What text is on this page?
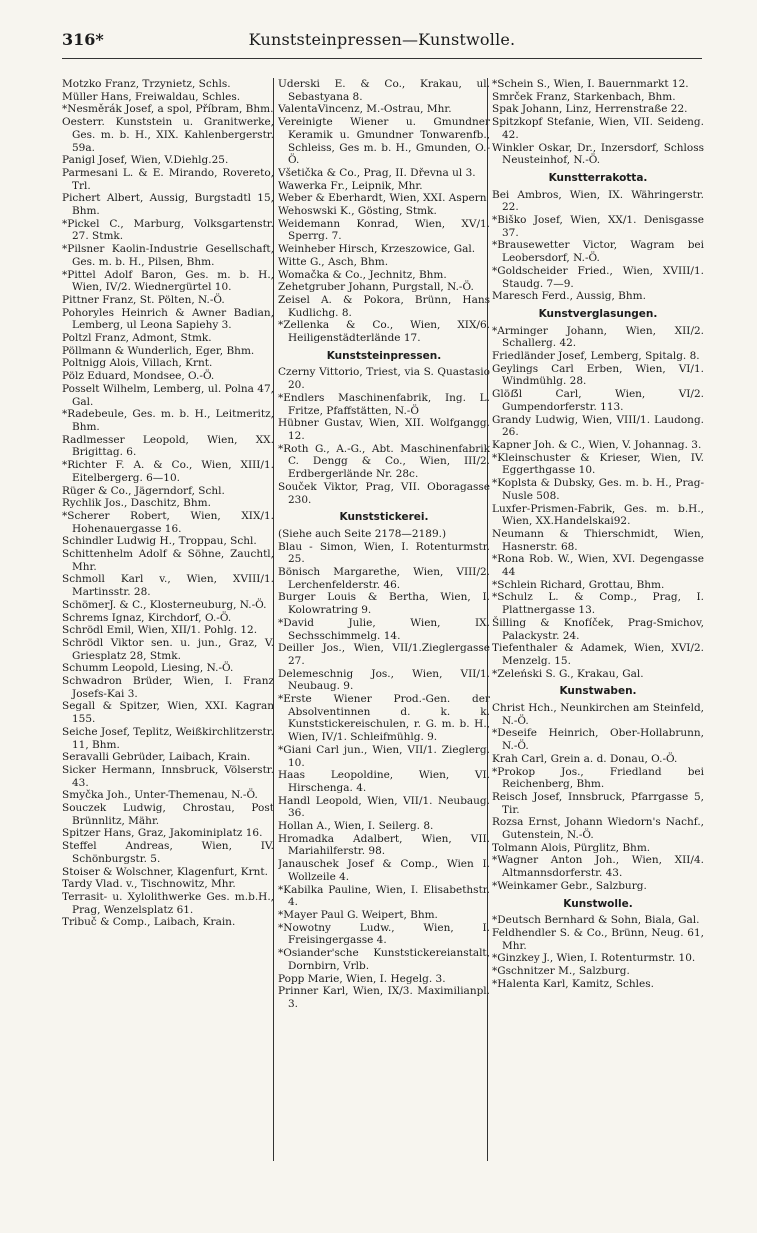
316*	Kunststeinpressen—Kunstwolle.

Motzko Franz, Trzynietz, Schls.

Müller Hans, Freiwaldau, Schles.

*Nesměrák Josef, a spol, Příbram, Bhm.

Oesterr. Kunststein u. Granitwerke, Ges. m. b. H., XIX. Kahlenbergerstr. 59a.

Panigl Josef, Wien, V.Diehlg.25.

Parmesani L. & E. Mirando, Rovereto, Trl.

Pichert Albert, Aussig, Burgstadtl 15, Bhm.

*Pickel C., Marburg, Volksgartenstr. 27. Stmk.

*Pilsner Kaolin-Industrie Gesellschaft, Ges. m. b. H., Pilsen, Bhm.

*Pittel Adolf Baron, Ges. m. b. H., Wien, IV/2. Wiednergürtel 10.

Pittner Franz, St. Pölten, N.-Ö.

Pohoryles Heinrich & Awner Badian, Lemberg, ul Leona Sapiehy 3.

Poltzl Franz, Admont, Stmk.

Pöllmann & Wunderlich, Eger, Bhm.

Poltnigg Alois, Villach, Krnt.

Pölz Eduard, Mondsee, O.-Ö.

Posselt Wilhelm, Lemberg, ul. Polna 47, Gal.

*Radebeule, Ges. m. b. H., Leitmeritz, Bhm.

Radlmesser Leopold, Wien, XX. Brigittag. 6.

*Richter F. A. & Co., Wien, XIII/1. Eitelbergerg. 6—10.

Rüger & Co., Jägerndorf, Schl.

Rychlik Jos., Daschitz, Bhm.

*Scherer Robert, Wien, XIX/1. Hohenauergasse 16.

Schindler Ludwig H., Troppau, Schl.

Schittenhelm Adolf & Söhne, Zauchtl, Mhr.

Schmoll Karl v., Wien, XVIII/1. Martinsstr. 28.

SchömerJ. & C., Klosterneuburg, N.-Ö.

Schrems Ignaz, Kirchdorf, O.-Ö.

Schrödl Emil, Wien, XII/1. Pohlg. 12.

Schrödl Viktor sen. u. jun., Graz, V. Griesplatz 28, Stmk.

Schumm Leopold, Liesing, N.-Ö.

Schwadron Brüder, Wien, I. Franz Josefs-Kai 3.

Segall & Spitzer, Wien, XXI. Kagran 155.

Seiche Josef, Teplitz, Weißkirchlitzerstr. 11, Bhm.

Seravalli Gebrüder, Laibach, Krain.

Sicker Hermann, Innsbruck, Völserstr. 43.

Smyčka Joh., Unter-Themenau, N.-Ö.

Souczek Ludwig, Chrostau, Post Brünnlitz, Mähr.

Spitzer Hans, Graz, Jakominiplatz 16.

Steffel Andreas, Wien, IV. Schönburgstr. 5.

Stoiser & Wolschner, Klagenfurt, Krnt.

Tardy Vlad. v., Tischnowitz, Mhr.

Terrasit- u. Xylolithwerke Ges. m.b.H., Prag, Wenzelsplatz 61.

Tribuč & Comp., Laibach, Krain.

Uderski E. & Co., Krakau, ul. Sebastyana 8.

ValentaVincenz, M.-Ostrau, Mhr.

Vereinigte Wiener u. Gmundner Keramik u. Gmundner Tonwarenfb., Schleiss, Ges m. b. H., Gmunden, O.-Ö.

Všetička & Co., Prag, II. Dřevna ul 3.

Wawerka Fr., Leipnik, Mhr.

Weber & Eberhardt, Wien, XXI. Aspern

Wehoswski K., Gösting, Stmk.

Weidemann Konrad, Wien, XV/1. Sperrg. 7.

Weinheber Hirsch, Krzeszowice, Gal.

Witte G., Asch, Bhm.

Womačka & Co., Jechnitz, Bhm.

Zehetgruber Johann, Purgstall, N.-Ö.

Zeisel A. & Pokora, Brünn, Hans Kudlichg. 8.

*Zellenka & Co., Wien, XIX/6. Heiligenstädterlände 17.

Kunststeinpressen.

Czerny Vittorio, Triest, via S. Quastasio 20.

*Endlers Maschinenfabrik, Ing. L. Fritze, Pfaffstätten, N.-Ö

Hübner Gustav, Wien, XII. Wolfgangg. 12.

*Roth G., A.-G., Abt. Maschinenfabrik C. Dengg & Co., Wien, III/2. Erdbergerlände Nr. 28c.

Souček Viktor, Prag, VII. Oboragasse 230.

Kunststickerei.

(Siehe auch Seite 2178—2189.)

Blau - Simon, Wien, I. Rotenturmstr. 25.

Bönisch Margarethe, Wien, VIII/2. Lerchenfelderstr. 46.

Burger Louis & Bertha, Wien, I. Kolowratring 9.

*David Julie, Wien, IX. Sechsschimmelg. 14.

Deiller Jos., Wien, VII/1.Zieglergasse 27.

Delemeschnig Jos., Wien, VII/1. Neubaug. 9.

*Erste Wiener Prod.-Gen. der Absolventinnen d. k. k. Kunststickereischulen, r. G. m. b. H., Wien, IV/1. Schleifmühlg. 9.

*Giani Carl jun., Wien, VII/1. Zieglerg. 10.

Haas Leopoldine, Wien, VI. Hirschenga. 4.

Handl Leopold, Wien, VII/1. Neubaug. 36.

Hollan A., Wien, I. Seilerg. 8.

Hromadka Adalbert, Wien, VII. Mariahilferstr. 98.

Janauschek Josef & Comp., Wien I. Wollzeile 4.

*Kabilka Pauline, Wien, I. Elisabethstr. 4.

*Mayer Paul G. Weipert, Bhm.

*Nowotny Ludw., Wien, I. Freisingergasse 4.

*Osiander'sche Kunststickereianstalt, Dornbirn, Vrlb.

Popp Marie, Wien, I. Hegelg. 3.

Prinner Karl, Wien, IX/3. Maximilianpl. 3.

*Schein S., Wien, I. Bauernmarkt 12.

Smrček Franz, Starkenbach, Bhm.

Spak Johann, Linz, Herrenstraße 22.

Spitzkopf Stefanie, Wien, VII. Seideng. 42.

Winkler Oskar, Dr., Inzersdorf, Schloss Neusteinhof, N.-Ö.

Kunstterrakotta.

Bei Ambros, Wien, IX. Währingerstr. 22.

*Biško Josef, Wien, XX/1. Denisgasse 37.

*Brausewetter Victor, Wagram bei Leobersdorf, N.-Ö.

*Goldscheider Fried., Wien, XVIII/1. Staudg. 7—9.

Maresch Ferd., Aussig, Bhm.

Kunstverglasungen.

*Arminger Johann, Wien, XII/2. Schallerg. 42.

Friedländer Josef, Lemberg, Spitalg. 8.

Geylings Carl Erben, Wien, VI/1. Windmühlg. 28.

Glöẞl Carl, Wien, VI/2. Gumpendorferstr. 113.

Grandy Ludwig, Wien, VIII/1. Laudong. 26.

Kapner Joh. & C., Wien, V. Johannag. 3.

*Kleinschuster & Krieser, Wien, IV. Eggerthgasse 10.

*Koplsta & Dubsky, Ges. m. b. H., Prag-Nusle 508.

Luxfer-Prismen-Fabrik, Ges. m. b.H., Wien, XX.Handelskai92.

Neumann & Thierschmidt, Wien, Hasnerstr. 68.

*Rona Rob. W., Wien, XVI. Degengasse 44

*Schlein Richard, Grottau, Bhm.

*Schulz L. & Comp., Prag, I. Plattnergasse 13.

Šilling & Knofíček, Prag-Smichov, Palackystr. 24.

Tiefenthaler & Adamek, Wien, XVI/2. Menzelg. 15.

*Zeleński S. G., Krakau, Gal.

Kunstwaben.

Christ Hch., Neunkirchen am Steinfeld, N.-Ö.

*Deseife Heinrich, Ober-Hollabrunn, N.-Ö.

Krah Carl, Grein a. d. Donau, O.-Ö.

*Prokop Jos., Friedland bei Reichenberg, Bhm.

Reisch Josef, Innsbruck, Pfarrgasse 5, Tir.

Rozsa Ernst, Johann Wiedorn's Nachf., Gutenstein, N.-Ö.

Tolmann Alois, Pürglitz, Bhm.

*Wagner Anton Joh., Wien, XII/4. Altmannsdorferstr. 43.

*Weinkamer Gebr., Salzburg.

Kunstwolle.

*Deutsch Bernhard & Sohn, Biala, Gal.

Feldhendler S. & Co., Brünn, Neug. 61, Mhr.

*Ginzkey J., Wien, I. Rotenturmstr. 10.

*Gschnitzer M., Salzburg.

*Halenta Karl, Kamitz, Schles.
